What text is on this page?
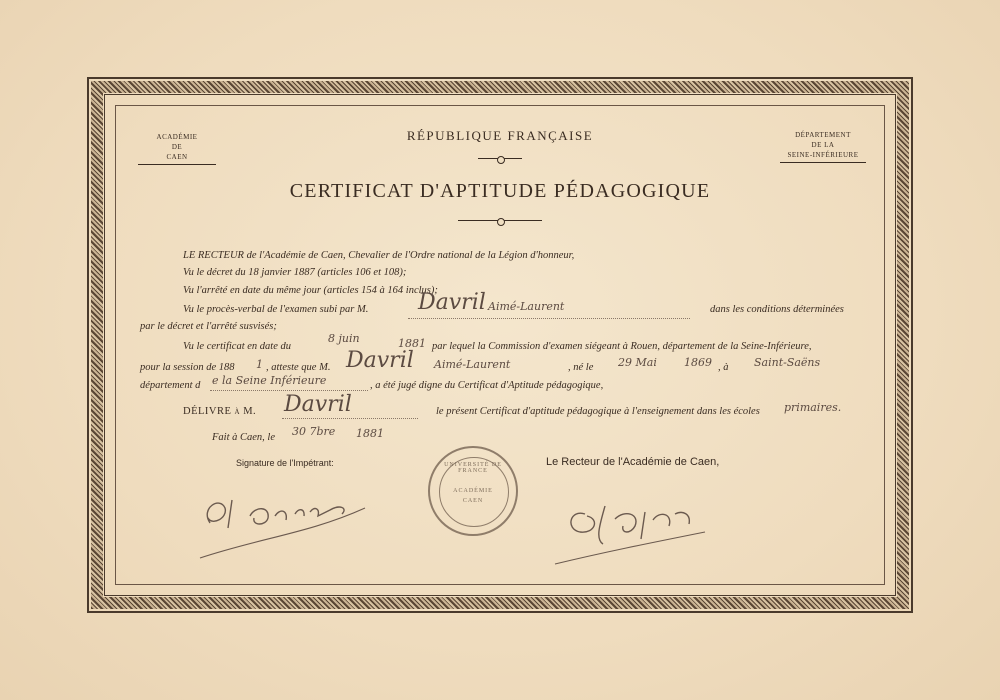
ACADÉMIE
DE
CAEN
DÉPARTEMENT
DE LA
SEINE-INFÉRIEURE
RÉPUBLIQUE FRANÇAISE
CERTIFICAT D'APTITUDE PÉDAGOGIQUE
LE RECTEUR de l'Académie de Caen, Chevalier de l'Ordre national de la Légion d'honneur,
Vu le décret du 18 janvier 1887 (articles 106 et 108);
Vu l'arrêté en date du même jour (articles 154 à 164 inclus);
Vu le procès-verbal de l'examen subi par M. Davril Aimé-Laurent	dans les conditions déterminées
par le décret et l'arrêté susvisés;
Vu le certificat en date du
8 juin	1881 par lequel la Commission d'examen siégeant à Rouen, département de la Seine-Inférieure,
pour la session de 188 1 , atteste que M. Davril Aimé-Laurent	, né le 29 Mai 1869 , à Saint-Saëns
département d e la Seine Inférieure	, a été jugé digne du Certificat d'Aptitude pédagogique,
DÉLIVRE à M. Davril	le présent Certificat d'aptitude pédagogique à l'enseignement dans les écoles primaires.
Fait à Caen, le 30 7bre 1881
Signature de l'Impétrant:	Le Recteur de l'Académie de Caen,
UNIVERSITÉ DE FRANCE
ACADÉMIE
CAEN
